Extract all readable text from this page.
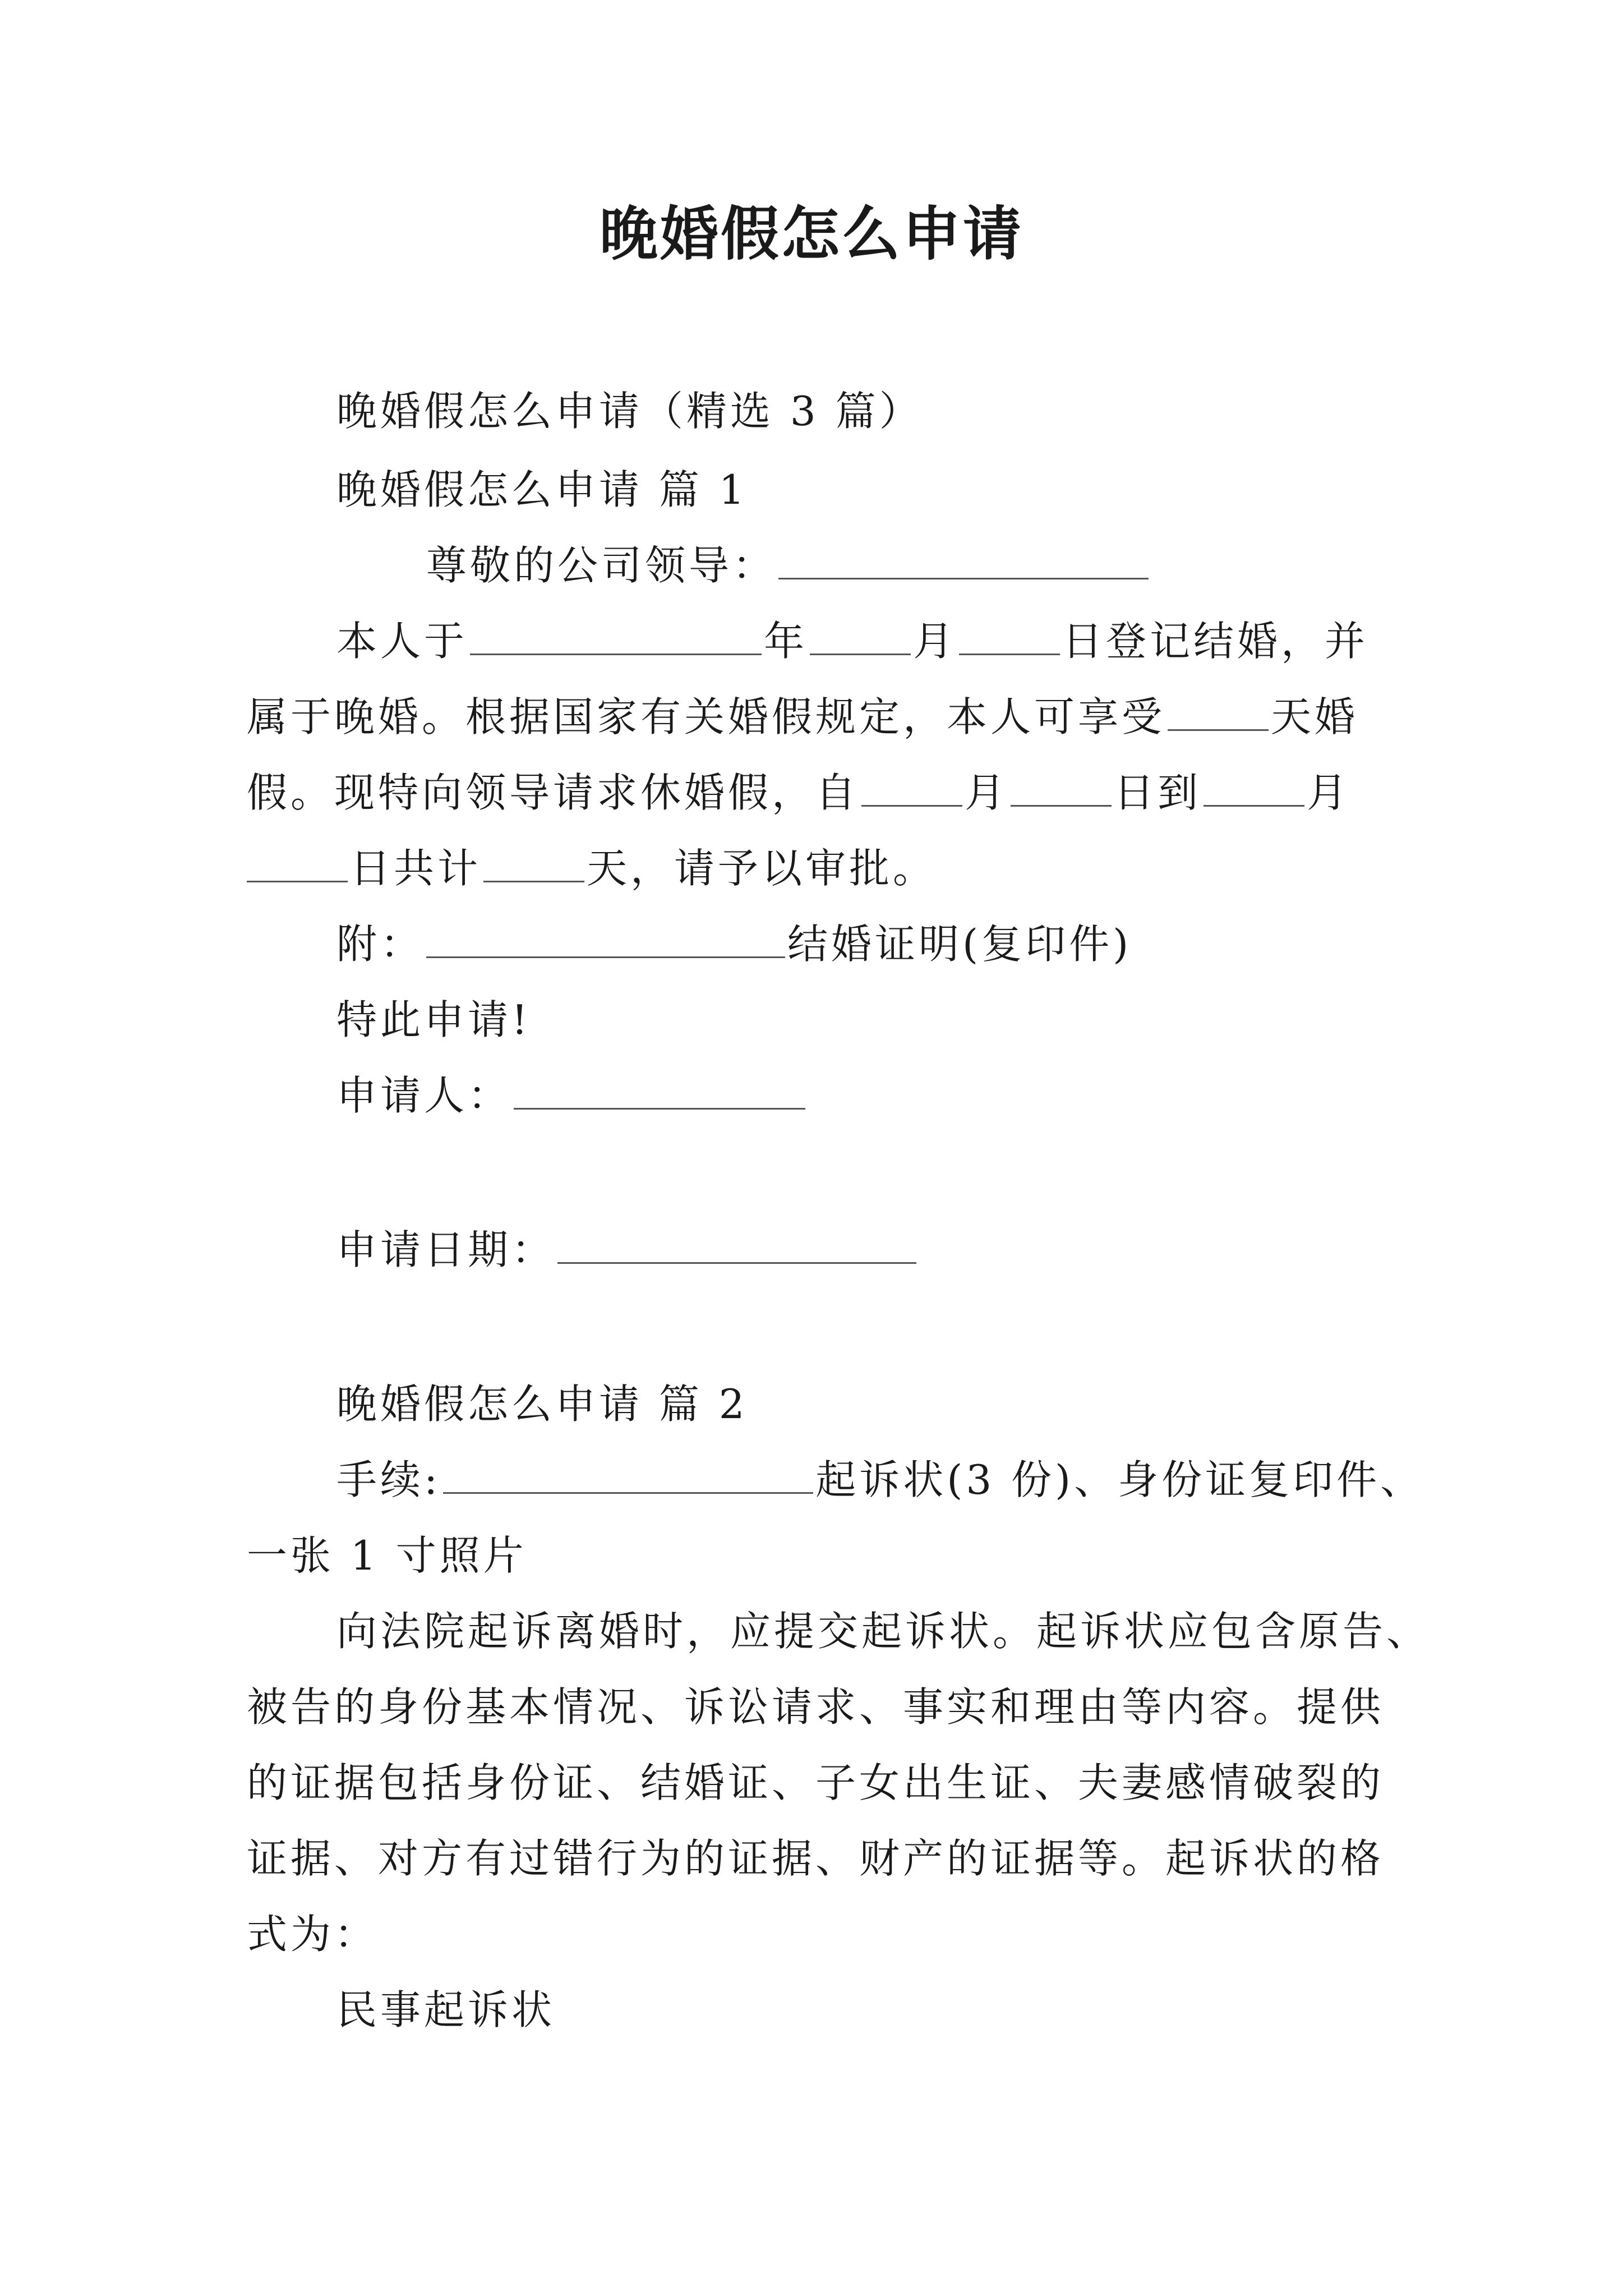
晚婚假怎么申请
晚婚假怎么申请（精选 3 篇）
晚婚假怎么申请 篇 1
尊敬的公司领导：
本人于	年	月	日登记结婚，并
属于晚婚。根据国家有关婚假规定，本人可享受	天婚
假。现特向领导请求休婚假，自	月	日到	月
日共计	天，请予以审批。
附：	结婚证明(复印件)
特此申请!
申请人：
申请日期：
晚婚假怎么申请 篇 2
手续:	起诉状(3 份)、身份证复印件、
一张 1 寸照片
向法院起诉离婚时，应提交起诉状。起诉状应包含原告、
被告的身份基本情况、诉讼请求、事实和理由等内容。提供
的证据包括身份证、结婚证、子女出生证、夫妻感情破裂的
证据、对方有过错行为的证据、财产的证据等。起诉状的格
式为：
民事起诉状
